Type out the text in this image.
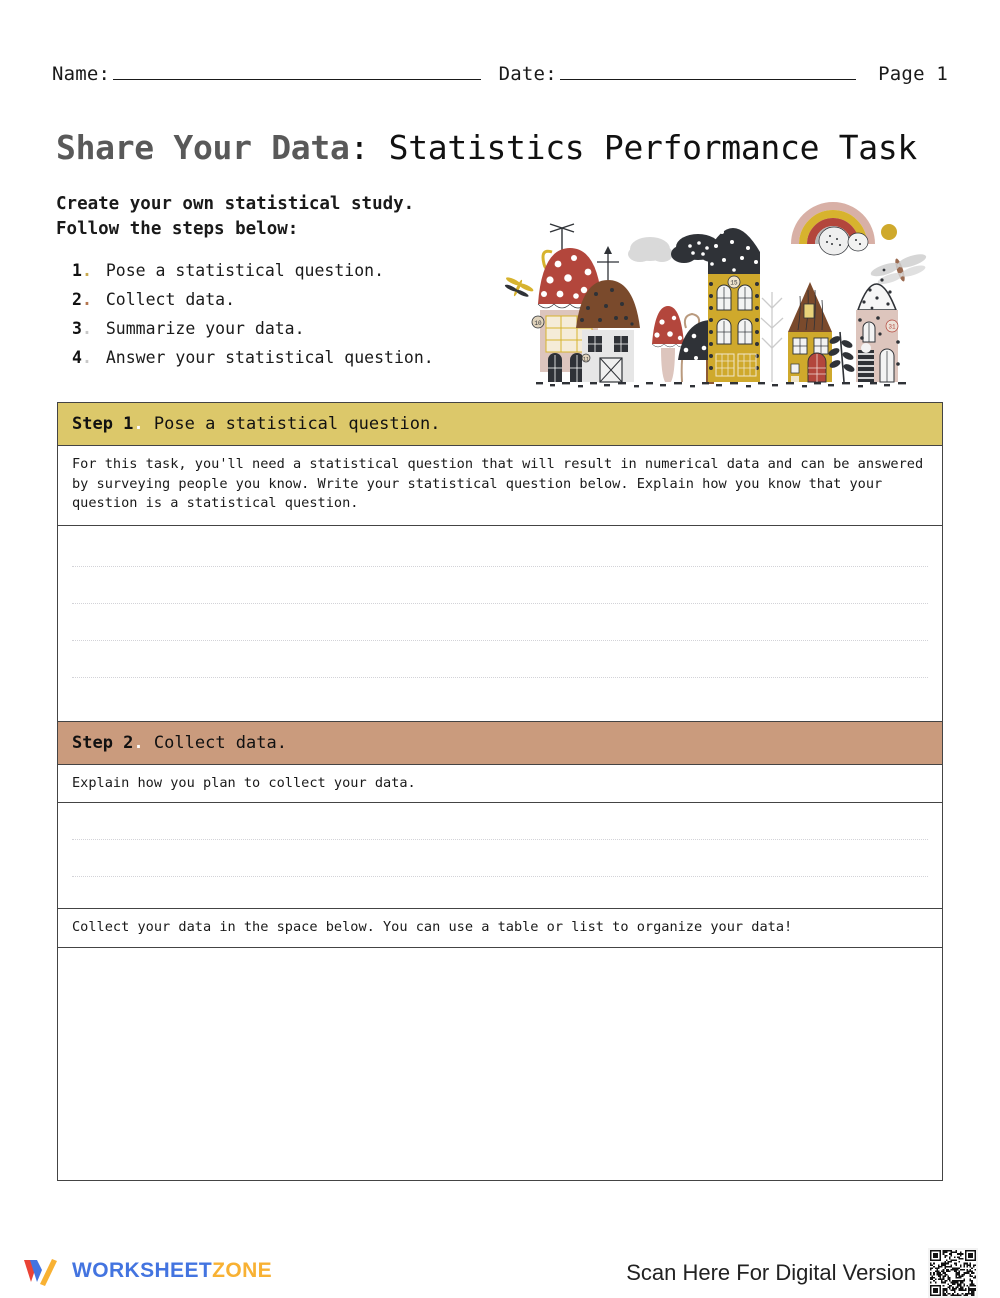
Name:	Date:	Page 1
Share Your Data: Statistics Performance Task
Create your own statistical study.
Follow the steps below:
1. Pose a statistical question.
2. Collect data.
3. Summarize your data.
4. Answer your statistical question.
10
11
15
31
Step 1. Pose a statistical question.
For this task, you'll need a statistical question that will result in numerical data and can be answered by surveying people you know. Write your statistical question below. Explain how you know that your question is a statistical question.
Step 2. Collect data.
Explain how you plan to collect your data.
Collect your data in the space below. You can use a table or list to organize your data!
WORKSHEETZONE	Scan Here For Digital Version
